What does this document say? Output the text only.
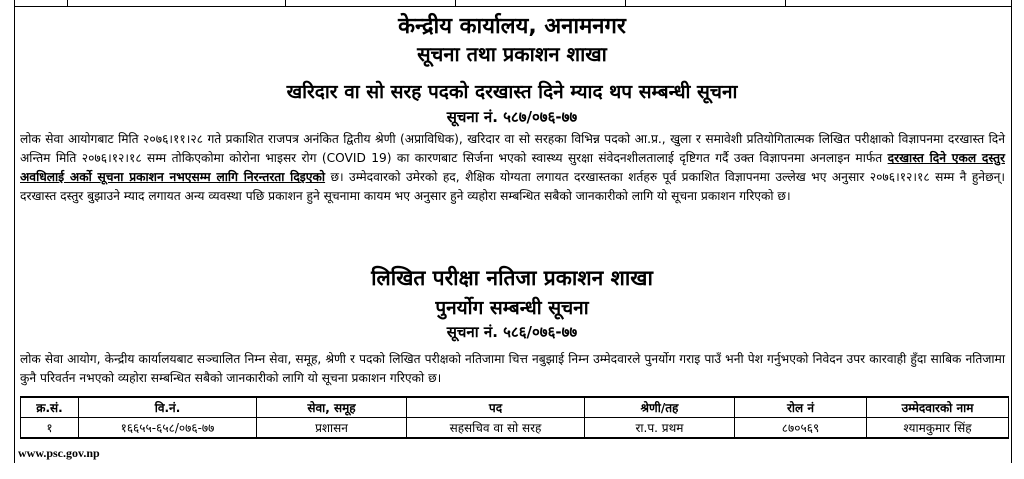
केन्द्रीय कार्यालय, अनामनगर
सूचना तथा प्रकाशन शाखा
खरिदार वा सो सरह पदको दरखास्त दिने म्याद थप सम्बन्धी सूचना
सूचना नं. ५८७/०७६-७७
लोक सेवा आयोगबाट मिति २०७६।११।२८ गते प्रकाशित राजपत्र अनंकित द्वितीय श्रेणी (अप्राविधिक), खरिदार वा सो सरहका विभिन्न पदको आ.प्र., खुला र समावेशी प्रतियोगितात्मक लिखित परीक्षाको विज्ञापनमा दरखास्त दिने अन्तिम मिति २०७६।१२।१८ सम्म तोकिएकोमा कोरोना भाइसर रोग (COVID 19) का कारणबाट सिर्जना भएको स्वास्थ्य सुरक्षा संवेदनशीलतालाई दृष्टिगत गर्दै उक्त विज्ञापनमा अनलाइन मार्फत दरखास्त दिने एकल दस्तुर अवधिलाई अर्को सूचना प्रकाशन नभएसम्म लागि निरन्तरता दिइएको छ। उम्मेदवारको उमेरको हद, शैक्षिक योग्यता लगायत दरखास्तका शर्तहरु पूर्व प्रकाशित विज्ञापनमा उल्लेख भए अनुसार २०७६।१२।१८ सम्म नै हुनेछन्। दरखास्त दस्तुर बुझाउने म्याद लगायत अन्य व्यवस्था पछि प्रकाशन हुने सूचनामा कायम भए अनुसार हुने व्यहोरा सम्बन्धित सबैको जानकारीको लागि यो सूचना प्रकाशन गरिएको छ।
लिखित परीक्षा नतिजा प्रकाशन शाखा
पुनर्योग सम्बन्धी सूचना
सूचना नं. ५८६/०७६-७७
लोक सेवा आयोग, केन्द्रीय कार्यालयबाट सञ्चालित निम्न सेवा, समूह, श्रेणी र पदको लिखित परीक्षको नतिजामा चित्त नबुझाई निम्न उम्मेदवारले पुनर्योग गराइ पाउँ भनी पेश गर्नुभएको निवेदन उपर कारवाही हुँदा साबिक नतिजामा कुनै परिवर्तन नभएको व्यहोरा सम्बन्धित सबैको जानकारीको लागि यो सूचना प्रकाशन गरिएको छ।
क्र.सं.	वि.नं.	सेवा, समूह	पद	श्रेणी/तह	रोल नं	उम्मेदवारको नाम
१	१६६५५-६५८/०७६-७७	प्रशासन	सहसचिव वा सो सरह	रा.प. प्रथम	८७०५६९	श्यामकुमार सिंह
www.psc.gov.np
